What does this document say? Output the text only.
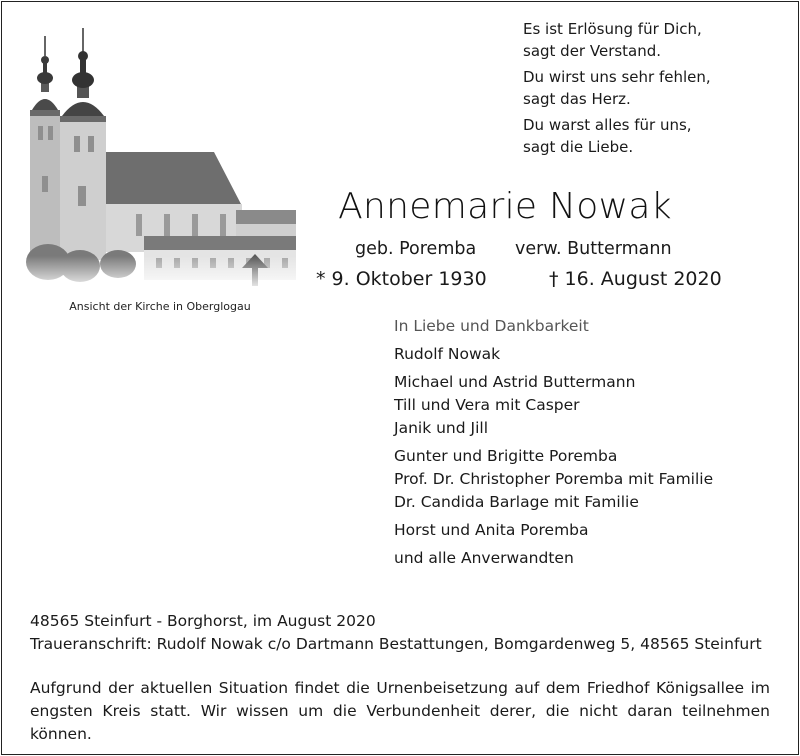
Ansicht der Kirche in Oberglogau
Es ist Erlösung für Dich,
sagt der Verstand.
Du wirst uns sehr fehlen,
sagt das Herz.
Du warst alles für uns,
sagt die Liebe.
Annemarie Nowak
geb. Poremba verw. Buttermann
* 9. Oktober 1930	† 16. August 2020
In Liebe und Dankbarkeit
Rudolf Nowak
Michael und Astrid Buttermann
Till und Vera mit Casper
Janik und Jill
Gunter und Brigitte Poremba
Prof. Dr. Christopher Poremba mit Familie
Dr. Candida Barlage mit Familie
Horst und Anita Poremba
und alle Anverwandten
48565 Steinfurt - Borghorst, im August 2020
Traueranschrift: Rudolf Nowak c/o Dartmann Bestattungen, Bomgardenweg 5, 48565 Steinfurt
Aufgrund der aktuellen Situation findet die Urnenbeisetzung auf dem Friedhof Königsallee im engsten Kreis statt. Wir wissen um die Verbundenheit derer, die nicht daran teilnehmen können.
